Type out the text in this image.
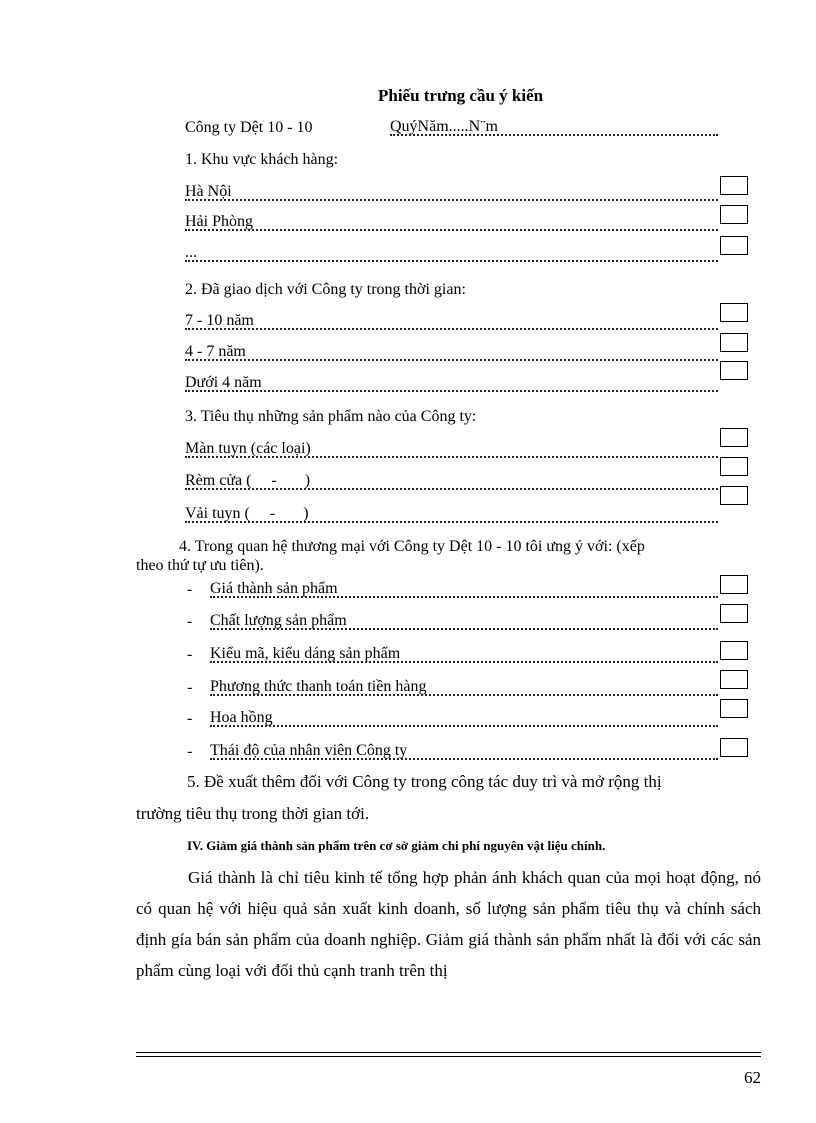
Phiếu trưng cầu ý kiến
Công ty Dệt 10 - 10	QuýNăm.....N¨m
1. Khu vực khách hàng:
Hà Nội
Hải Phòng
...
2. Đã giao dịch với Công ty trong thời gian:
7 - 10 năm
4 - 7 năm
Dưới 4 năm
3. Tiêu thụ những sản phẩm nào của Công ty:
Màn tuyn (các loại)
Rèm cửa (     -       )
Vải tuyn (     -       )
4. Trong quan hệ thương mại với Công ty Dệt 10 - 10 tôi ưng ý với: (xếp
theo thứ tự ưu tiên).
-	Giá thành sản phẩm
-	Chất lượng sản phẩm
-	Kiểu mã, kiểu dáng sản phẩm
-	Phương thức thanh toán tiền hàng
-	Hoa hồng
-	Thái độ của nhân viên Công ty
5. Đề xuất thêm đối với Công ty trong công tác duy trì và mở rộng thị
trường tiêu thụ trong thời gian tới.
IV. Giảm giá thành sản phẩm trên cơ sở giảm chi phí nguyên vật liệu chính.
Giá thành là chỉ tiêu kinh tế tổng hợp phản ánh khách quan của mọi hoạt động, nó có quan hệ với hiệu quả sản xuất kinh doanh, số lượng sản phẩm tiêu thụ và chính sách định gía bán sản phẩm của doanh nghiệp. Giảm giá thành sản phẩm nhất là đối với các sản phẩm cùng loại với đối thủ cạnh tranh trên thị
62
